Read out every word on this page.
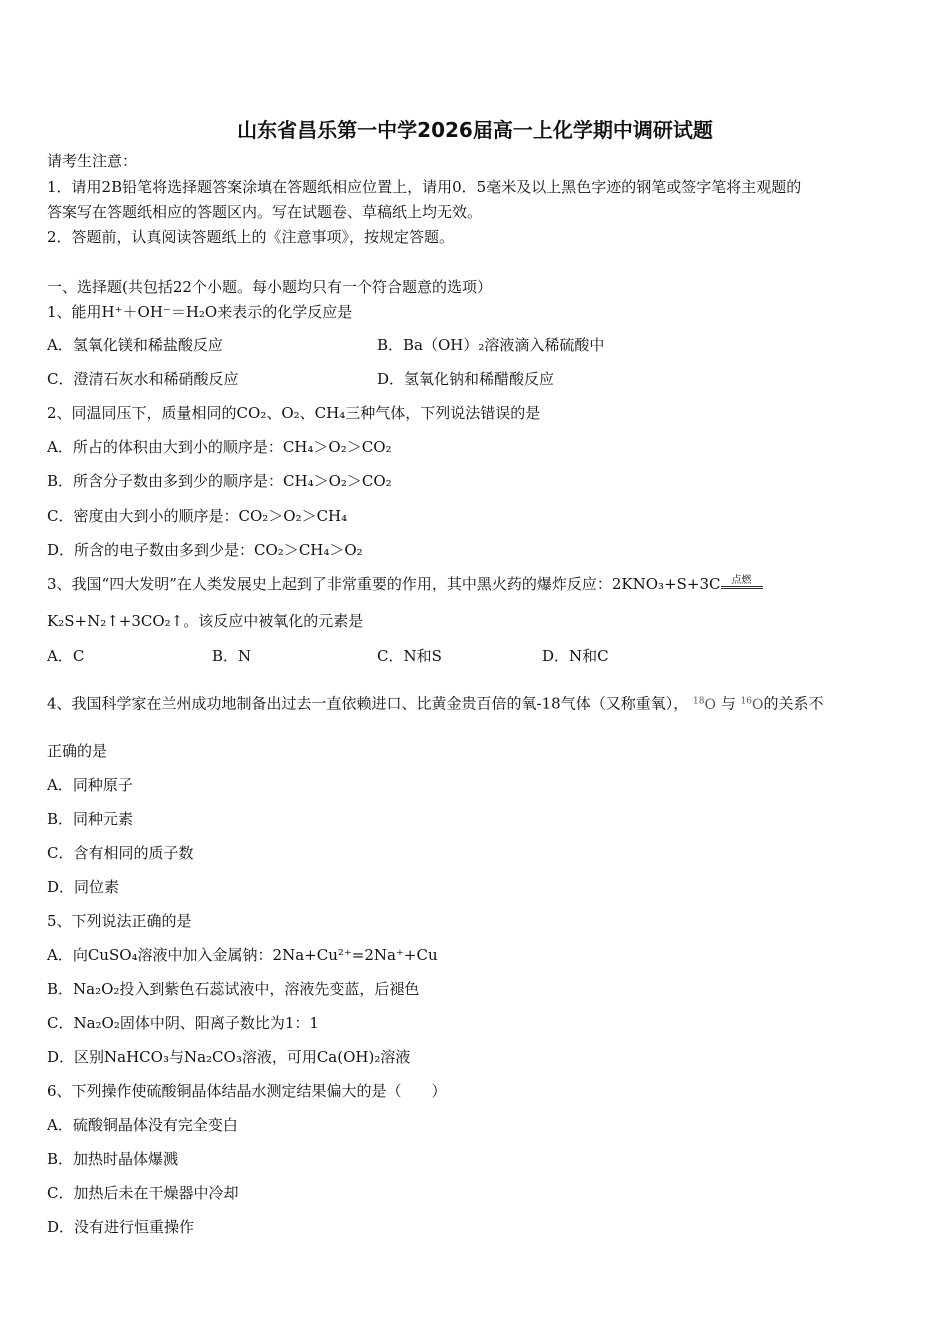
山东省昌乐第一中学2026届高一上化学期中调研试题
请考生注意：
1．请用2B铅笔将选择题答案涂填在答题纸相应位置上，请用0．5毫米及以上黑色字迹的钢笔或签字笔将主观题的
答案写在答题纸相应的答题区内。写在试题卷、草稿纸上均无效。
2．答题前，认真阅读答题纸上的《注意事项》，按规定答题。
一、选择题(共包括22个小题。每小题均只有一个符合题意的选项）
1、能用H⁺＋OH⁻＝H₂O来表示的化学反应是
A．氢氧化镁和稀盐酸反应	B．Ba（OH）₂溶液滴入稀硫酸中
C．澄清石灰水和稀硝酸反应	D．氢氧化钠和稀醋酸反应
2、同温同压下，质量相同的CO₂、O₂、CH₄三种气体，下列说法错误的是
A．所占的体积由大到小的顺序是：CH₄＞O₂＞CO₂
B．所含分子数由多到少的顺序是：CH₄＞O₂＞CO₂
C．密度由大到小的顺序是：CO₂＞O₂＞CH₄
D．所含的电子数由多到少是：CO₂＞CH₄＞O₂
3、我国“四大发明”在人类发展史上起到了非常重要的作用，其中黑火药的爆炸反应：2KNO₃+S+3C 点燃
K₂S+N₂↑+3CO₂↑。该反应中被氧化的元素是
A．C	B．N	C．N和S	D．N和C
4、我国科学家在兰州成功地制备出过去一直依赖进口、比黄金贵百倍的氧-18气体（又称重氧）， $^{18}$O 与 $^{16}$O的关系不
正确的是
A．同种原子
B．同种元素
C．含有相同的质子数
D．同位素
5、下列说法正确的是
A．向CuSO₄溶液中加入金属钠：2Na+Cu²⁺=2Na⁺+Cu
B．Na₂O₂投入到紫色石蕊试液中，溶液先变蓝，后褪色
C．Na₂O₂固体中阴、阳离子数比为1：1
D．区别NaHCO₃与Na₂CO₃溶液，可用Ca(OH)₂溶液
6、下列操作使硫酸铜晶体结晶水测定结果偏大的是（　　）
A．硫酸铜晶体没有完全变白
B．加热时晶体爆溅
C．加热后未在干燥器中冷却
D．没有进行恒重操作
